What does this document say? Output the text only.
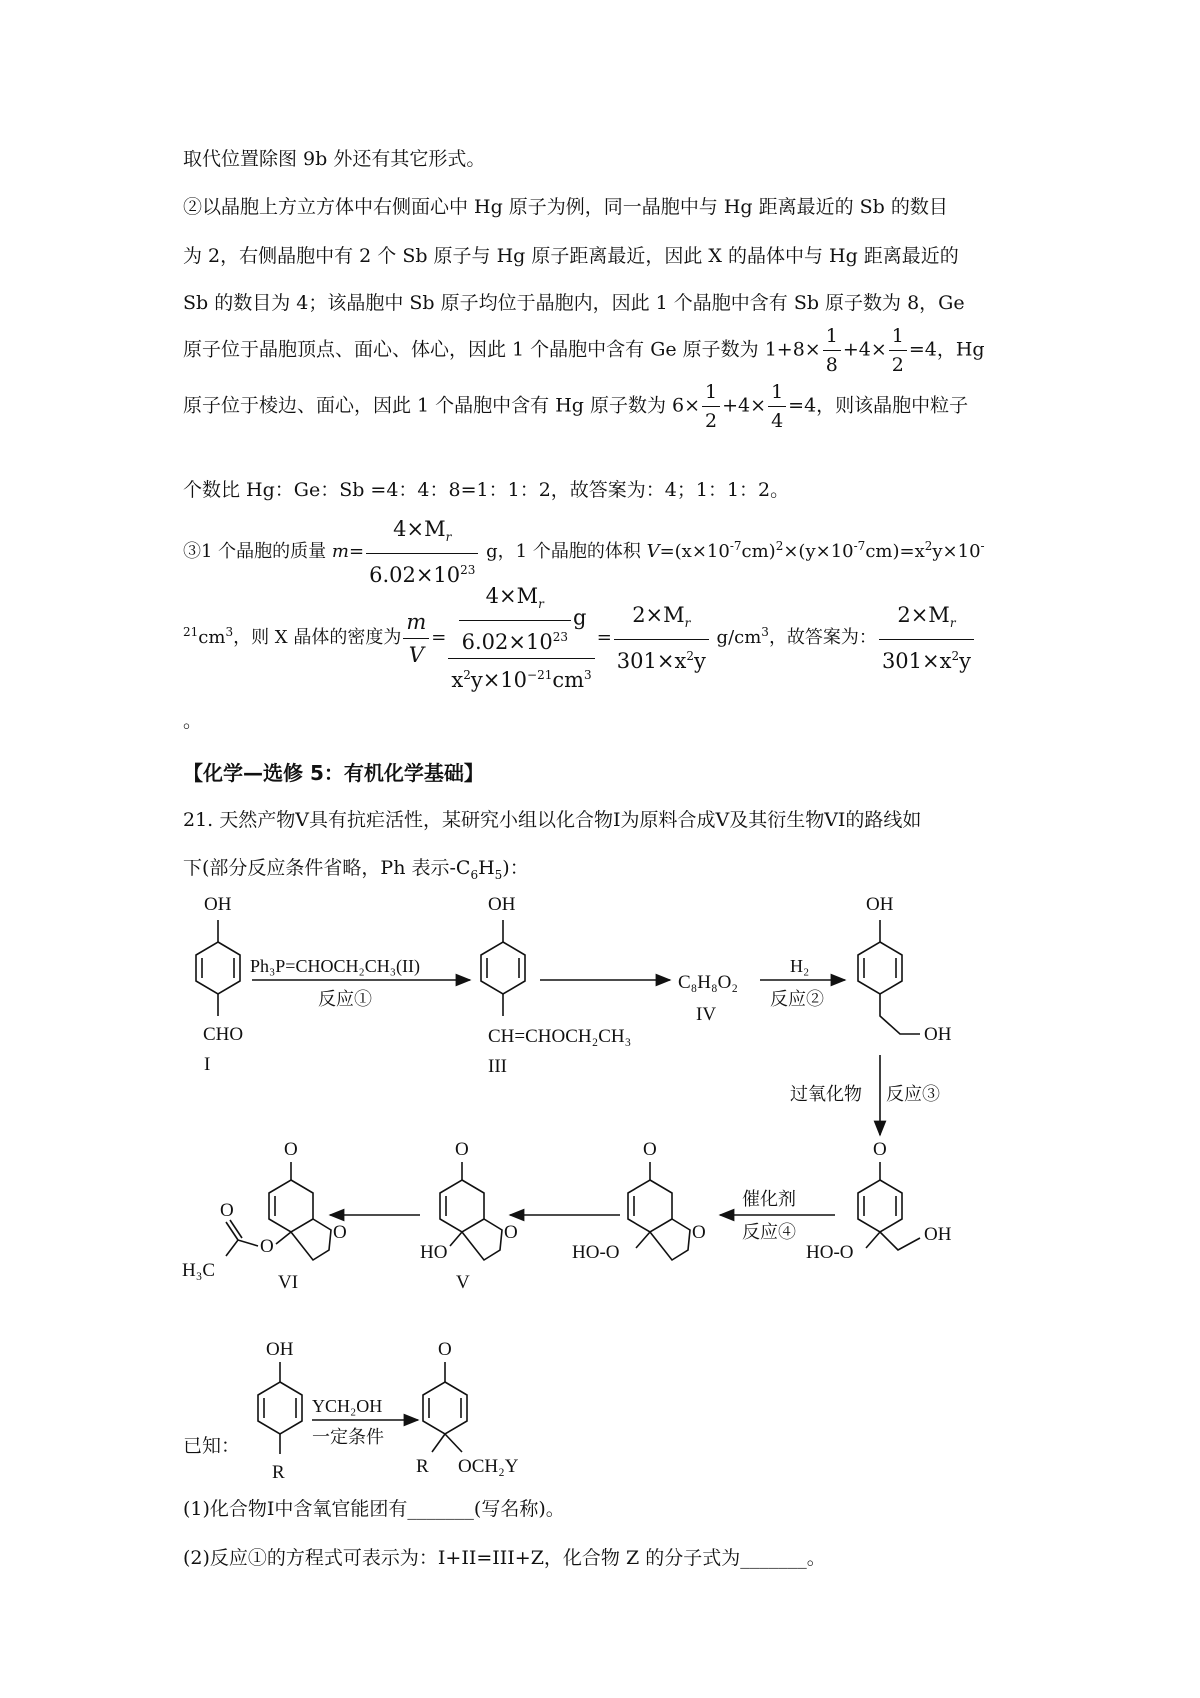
取代位置除图 9b 外还有其它形式。
②以晶胞上方立方体中右侧面心中 Hg 原子为例，同一晶胞中与 Hg 距离最近的 Sb 的数目
为 2，右侧晶胞中有 2 个 Sb 原子与 Hg 原子距离最近，因此 X 的晶体中与 Hg 距离最近的
Sb 的数目为 4；该晶胞中 Sb 原子均位于晶胞内，因此 1 个晶胞中含有 Sb 原子数为 8，Ge
原子位于晶胞顶点、面心、体心，因此 1 个晶胞中含有 Ge 原子数为 $1+8\times \frac{1}{8} +4\times \frac{1}{2} =4$，Hg
原子位于棱边、面心，因此 1 个晶胞中含有 Hg 原子数为 $6\times \frac{1}{2} +4\times \frac{1}{4} =4$，则该晶胞中粒子
个数比 Hg：Ge：Sb =4：4：8=1：1：2，故答案为：4；1：1：2。
③1 个晶胞的质量 $m= \frac{4\times M_r}{6.02\times 10^{23}}$ g，1 个晶胞的体积 $V=(x\times 10^{-7}cm)^2\times(y\times 10^{-7}cm)=x^2y\times 10^-$
$^{21}cm^3$，则 X 晶体的密度为 $\frac{m}{V} = \frac{\frac{4\times M_r}{6.02\times 10^{23}} g}{x^2y\times 10^{-21}cm^3} = \frac{2\times M_r}{301\times x^2y} g/cm^3$，故答案为： $\frac{2\times M_r}{301\times x^2y}$
。
【化学—选修 5：有机化学基础】
21. 天然产物V具有抗疟活性，某研究小组以化合物I为原料合成V及其衍生物VI的路线如
下(部分反应条件省略，Ph 表示$-C_6H_5$)：
OH
CHO
I
Ph₃P=CHOCH₂CH₃(II)
反应①
OH
CH=CHOCH₂CH₃
III
C₈H₈O₂
IV
H₂
反应②
OH
OH
过氧化物 反应③
O
HO-O
OH
催化剂
反应④
O
O
HO-O
O
O
HO
V
O
O
O
O
H₃C
VI
已知：
OH
R
YCH₂OH
一定条件
O
R OCH₂Y
(1)化合物I中含氧官能团有_______(写名称)。
(2)反应①的方程式可表示为：I+II=III+Z，化合物 Z 的分子式为_______。
